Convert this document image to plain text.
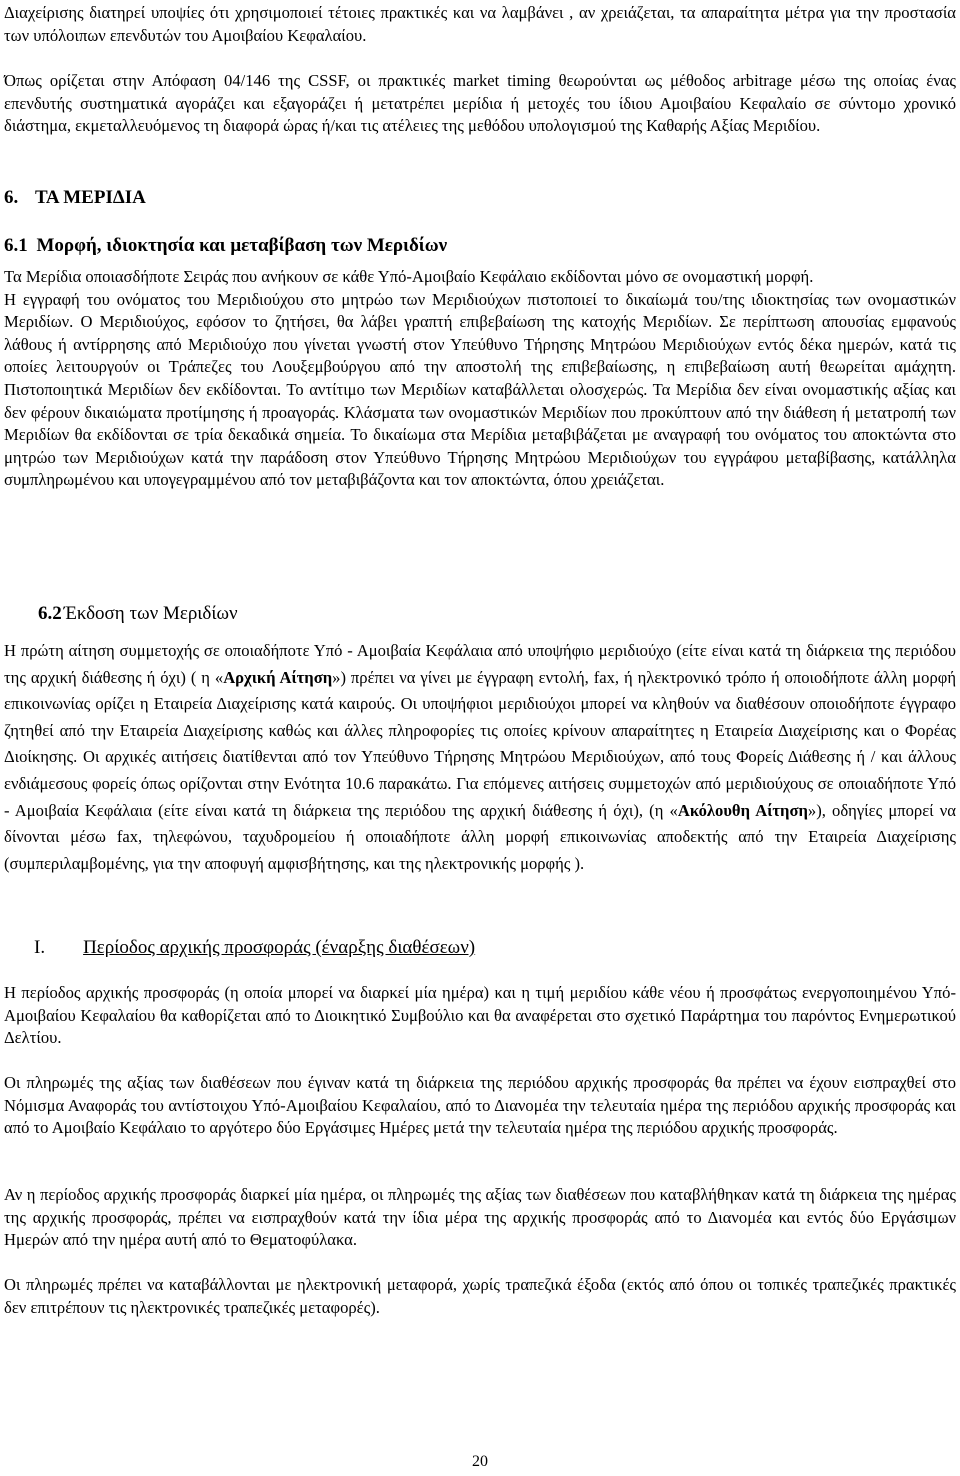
Διαχείρισης διατηρεί υποψίες ότι χρησιμοποιεί τέτοιες πρακτικές και να λαμβάνει , αν χρειάζεται, τα απαραίτητα μέτρα για την προστασία των υπόλοιπων επενδυτών του Αμοιβαίου Κεφαλαίου.

Όπως ορίζεται στην Απόφαση 04/146 της CSSF, οι πρακτικές market timing θεωρούνται ως μέθοδος arbitrage μέσω της οποίας ένας επενδυτής συστηματικά αγοράζει και εξαγοράζει ή μετατρέπει μερίδια ή μετοχές του ίδιου Αμοιβαίου Κεφαλαίο σε σύντομο χρονικό διάστημα, εκμεταλλευόμενος τη διαφορά ώρας ή/και τις ατέλειες της μεθόδου υπολογισμού της Καθαρής Αξίας Μεριδίου.

6. ΤΑ ΜΕΡΙΔΙΑ
6.1 Μορφή, ιδιοκτησία και μεταβίβαση των Μεριδίων

Τα Μερίδια οποιασδήποτε Σειράς που ανήκουν σε κάθε Υπό-Αμοιβαίο Κεφάλαιο εκδίδονται μόνο σε ονομαστική μορφή.

Η εγγραφή του ονόματος του Μεριδιούχου στο μητρώο των Μεριδιούχων πιστοποιεί το δικαίωμά του/της ιδιοκτησίας των ονομαστικών Μεριδίων. Ο Μεριδιούχος, εφόσον το ζητήσει, θα λάβει γραπτή επιβεβαίωση της κατοχής Μεριδίων. Σε περίπτωση απουσίας εμφανούς λάθους ή αντίρρησης από Μεριδιούχο που γίνεται γνωστή στον Υπεύθυνο Τήρησης Μητρώου Μεριδιούχων εντός δέκα ημερών, κατά τις οποίες λειτουργούν οι Τράπεζες του Λουξεμβούργου από την αποστολή της επιβεβαίωσης, η επιβεβαίωση αυτή θεωρείται αμάχητη. Πιστοποιητικά Μεριδίων δεν εκδίδονται. Το αντίτιμο των Μεριδίων καταβάλλεται ολοσχερώς. Τα Μερίδια δεν είναι ονομαστικής αξίας και δεν φέρουν δικαιώματα προτίμησης ή προαγοράς. Κλάσματα των ονομαστικών Μεριδίων που προκύπτουν από την διάθεση ή μετατροπή των Μεριδίων θα εκδίδονται σε τρία δεκαδικά σημεία. Το δικαίωμα στα Μερίδια μεταβιβάζεται με αναγραφή του ονόματος του αποκτώντα στο μητρώο των Μεριδιούχων κατά την παράδοση στον Υπεύθυνο Τήρησης Μητρώου Μεριδιούχων του εγγράφου μεταβίβασης, κατάλληλα συμπληρωμένου και υπογεγραμμένου από τον μεταβιβάζοντα και τον αποκτώντα, όπου χρειάζεται.

6.2 Έκδοση των Μεριδίων

Η πρώτη αίτηση συμμετοχής σε οποιαδήποτε Υπό - Αμοιβαία Κεφάλαια από υποψήφιο μεριδιούχο (είτε είναι κατά τη διάρκεια της περιόδου της αρχική διάθεσης ή όχι) ( η «Αρχική Αίτηση») πρέπει να γίνει με έγγραφη εντολή, fax, ή ηλεκτρονικό τρόπο ή οποιοδήποτε άλλη μορφή επικοινωνίας ορίζει η Εταιρεία Διαχείρισης κατά καιρούς. Οι υποψήφιοι μεριδιούχοι μπορεί να κληθούν να διαθέσουν οποιοδήποτε έγγραφο ζητηθεί από την Εταιρεία Διαχείρισης καθώς και άλλες πληροφορίες τις οποίες κρίνουν απαραίτητες η Εταιρεία Διαχείρισης και ο Φορέας Διοίκησης. Οι αρχικές αιτήσεις διατίθενται από τον Υπεύθυνο Τήρησης Μητρώου Μεριδιούχων, από τους Φορείς Διάθεσης ή / και άλλους ενδιάμεσους φορείς όπως ορίζονται στην Ενότητα 10.6 παρακάτω. Για επόμενες αιτήσεις συμμετοχών από μεριδιούχους σε οποιαδήποτε Υπό - Αμοιβαία Κεφάλαια (είτε είναι κατά τη διάρκεια της περιόδου της αρχική διάθεσης ή όχι), (η «Ακόλουθη Αίτηση»), οδηγίες μπορεί να δίνονται μέσω fax, τηλεφώνου, ταχυδρομείου ή οποιαδήποτε άλλη μορφή επικοινωνίας αποδεκτής από την Εταιρεία Διαχείρισης (συμπεριλαμβομένης, για την αποφυγή αμφισβήτησης, και της ηλεκτρονικής μορφής ).

I. Περίοδος αρχικής προσφοράς (έναρξης διαθέσεων)

Η περίοδος αρχικής προσφοράς (η οποία μπορεί να διαρκεί μία ημέρα) και η τιμή μεριδίου κάθε νέου ή προσφάτως ενεργοποιημένου Υπό-Αμοιβαίου Κεφαλαίου θα καθορίζεται από το Διοικητικό Συμβούλιο και θα αναφέρεται στο σχετικό Παράρτημα του παρόντος Ενημερωτικού Δελτίου.

Οι πληρωμές της αξίας των διαθέσεων που έγιναν κατά τη διάρκεια της περιόδου αρχικής προσφοράς θα πρέπει να έχουν εισπραχθεί στο Νόμισμα Αναφοράς του αντίστοιχου Υπό-Αμοιβαίου Κεφαλαίου, από το Διανομέα την τελευταία ημέρα της περιόδου αρχικής προσφοράς και από το Αμοιβαίο Κεφάλαιο το αργότερο δύο Εργάσιμες Ημέρες μετά την τελευταία ημέρα της περιόδου αρχικής προσφοράς.

Αν η περίοδος αρχικής προσφοράς διαρκεί μία ημέρα, οι πληρωμές της αξίας των διαθέσεων που καταβλήθηκαν κατά τη διάρκεια της ημέρας της αρχικής προσφοράς, πρέπει να εισπραχθούν κατά την ίδια μέρα της αρχικής προσφοράς από το Διανομέα και εντός δύο Εργάσιμων Ημερών από την ημέρα αυτή από το Θεματοφύλακα.

Οι πληρωμές πρέπει να καταβάλλονται με ηλεκτρονική μεταφορά, χωρίς τραπεζικά έξοδα (εκτός από όπου οι τοπικές τραπεζικές πρακτικές δεν επιτρέπουν τις ηλεκτρονικές τραπεζικές μεταφορές).

20
